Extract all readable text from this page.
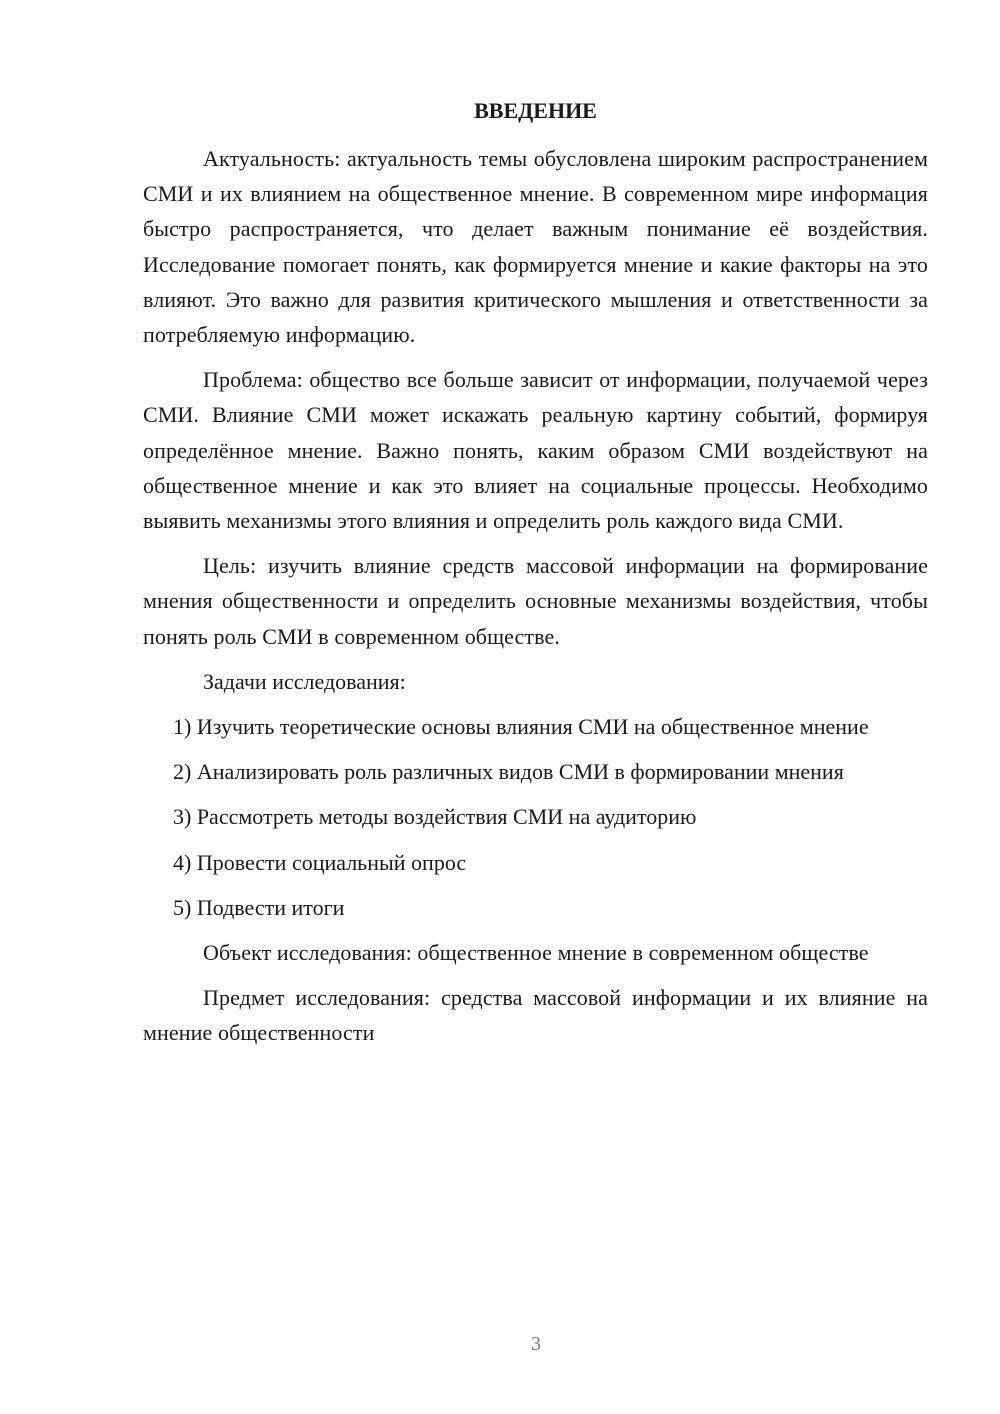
ВВЕДЕНИЕ

Актуальность: актуальность темы обусловлена широким распространением СМИ и их влиянием на общественное мнение. В современном мире информация быстро распространяется, что делает важным понимание её воздействия. Исследование помогает понять, как формируется мнение и какие факторы на это влияют. Это важно для развития критического мышления и ответственности за потребляемую информацию.

Проблема: общество все больше зависит от информации, получаемой через СМИ. Влияние СМИ может искажать реальную картину событий, формируя определённое мнение. Важно понять, каким образом СМИ воздействуют на общественное мнение и как это влияет на социальные процессы. Необходимо выявить механизмы этого влияния и определить роль каждого вида СМИ.

Цель: изучить влияние средств массовой информации на формирование мнения общественности и определить основные механизмы воздействия, чтобы понять роль СМИ в современном обществе.

Задачи исследования:

1) Изучить теоретические основы влияния СМИ на общественное мнение

2) Анализировать роль различных видов СМИ в формировании мнения

3) Рассмотреть методы воздействия СМИ на аудиторию

4) Провести социальный опрос

5) Подвести итоги

Объект исследования: общественное мнение в современном обществе

Предмет исследования: средства массовой информации и их влияние на мнение общественности

3
